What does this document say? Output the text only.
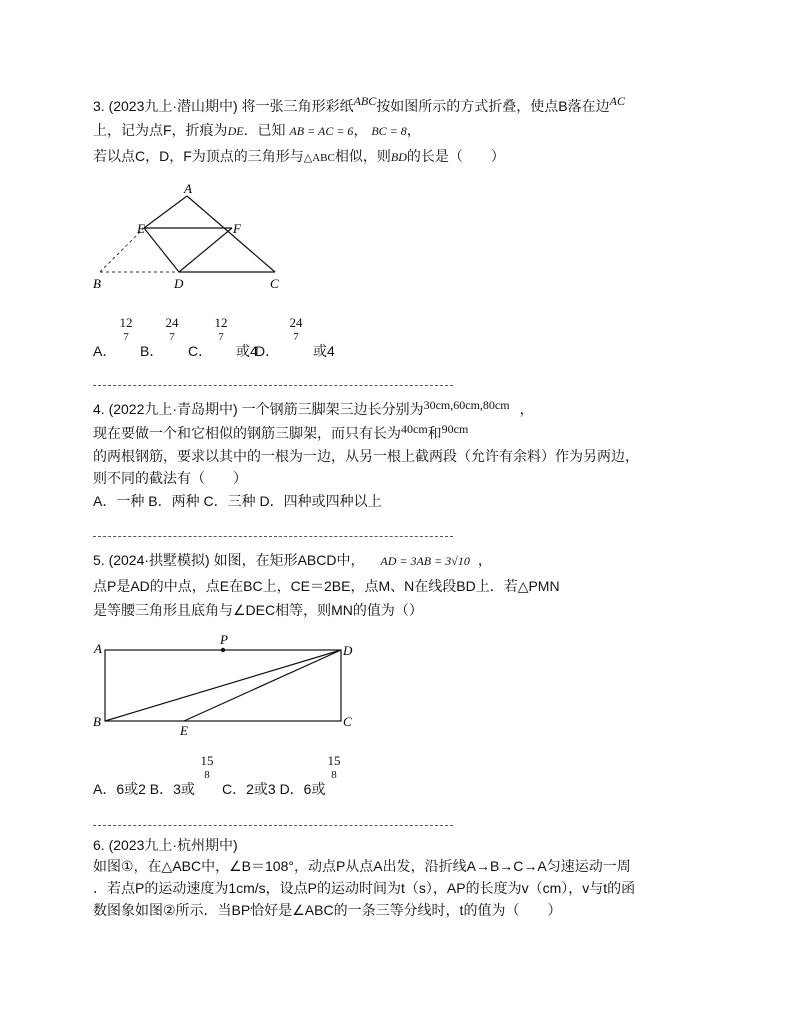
3. (2023九上·潜山期中) 将一张三角形彩纸ABC按如图所示的方式折叠，使点B落在边AC
上，记为点F，折痕为DE．已知 AB = AC = 6， BC = 8，
若以点C，D，F为顶点的三角形与△ABC相似，则BD的长是（　　）
A
E	F
B	D	C
A．
12
7
B．
24
7
C．
12
7
或4
D．
24
7
或4
4. (2022九上·青岛期中) 一个钢筋三脚架三边长分别为30cm,60cm,80cm ，
现在要做一个和它相似的钢筋三脚架，而只有长为40cm和90cm
的两根钢筋，要求以其中的一根为一边，从另一根上截两段（允许有余料）作为另两边，
则不同的截法有（　　）
A．一种 B．两种 C．三种 D．四种或四种以上
5. (2024·拱墅模拟) 如图，在矩形ABCD中， AD = 3AB = 3√10 ，
点P是AD的中点，点E在BC上，CE＝2BE，点M、N在线段BD上．若△PMN
是等腰三角形且底角与∠DEC相等，则MN的值为（）
A
P
D
B
E
C
A．6或2 B．3或
15
8
C．2或3 D．6或
15
8
6. (2023九上·杭州期中)
如图①，在△ABC中，∠B＝108°，动点P从点A出发，沿折线A→B→C→A匀速运动一周
．若点P的运动速度为1cm/s，设点P的运动时间为t（s），AP的长度为v（cm），v与t的函
数图象如图②所示．当BP恰好是∠ABC的一条三等分线时，t的值为（　　）
